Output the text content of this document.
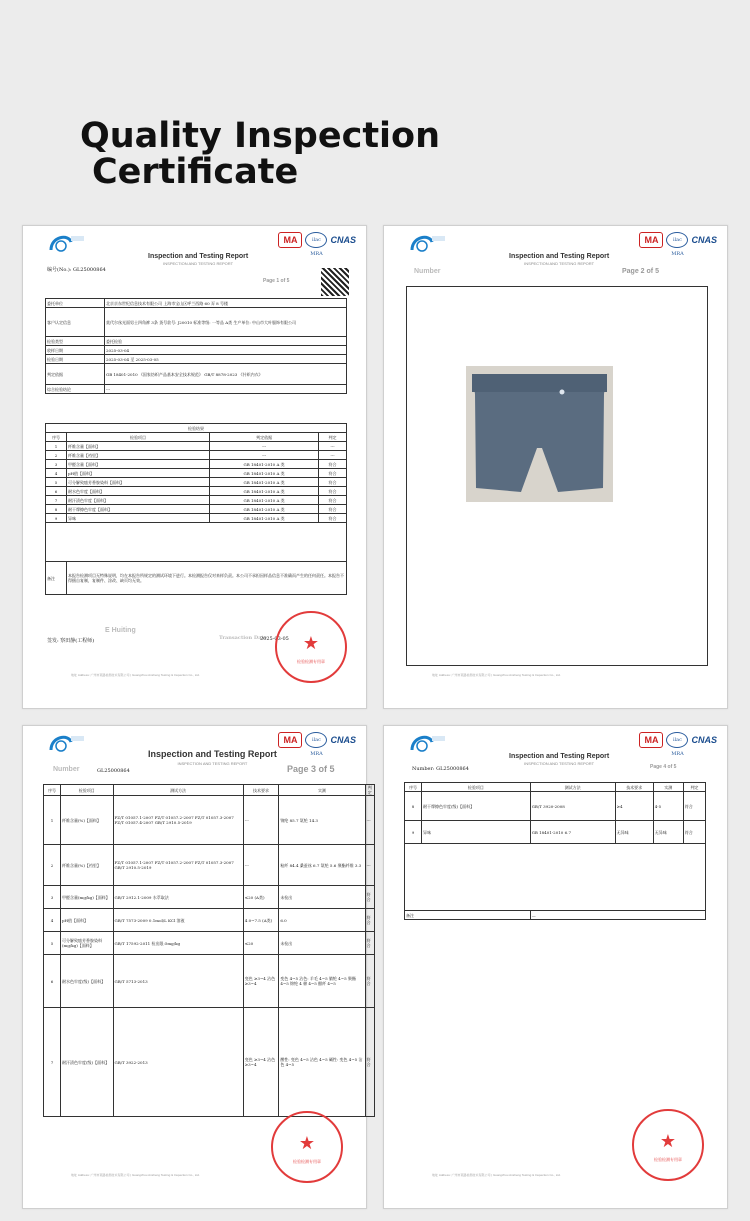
Quality Inspection
Certificate
Inspection and Testing Report
INSPECTION AND TESTING REPORT
MA	ilac MRA
CNAS
编号(No.): GL25000864
Page 1 of 5
委托单位	北京京东世纪信息技术有限公司 上海市宝山区呼兰西路 60 弄 8 号楼
客户认定信息	莫代尔丝光面男士四角裤 3条 货号款号: J20010 标准等级: 一等品 A类 生产单位: 中山市大叶服饰有限公司
检验类型	委托检验
收样日期	2025-03-04
检验日期	2025-03-04 至 2025-03-05
判定依据	GB 18401-2010 《国家纺织产品基本安全技术规范》 GB/T 8878-2023 《针织内衣》
综合检验结论	---
检验结果			
序号	检验项目	判定依据	判定
1	纤维含量【面料】	---	---
2	纤维含量【裆里】	---	---
3	甲醛含量【面料】	GB 18401-2010 A 类	符合
4	pH值【面料】	GB 18401-2010 A 类	符合
5	可分解致癌芳香胺染料【面料】	GB 18401-2010 A 类	符合
6	耐水色牢度【面料】	GB 18401-2010 A 类	符合
7	耐汗渍色牢度【面料】	GB 18401-2010 A 类	符合
8	耐干摩擦色牢度【面料】	GB 18401-2010 A 类	符合
9	异味	GB 18401-2010 A 类	符合

备注	本报告检测项目无特殊说明，均在本报告所规定的测试环境下进行。本检测报告仅对来样负责。本公司不承担因样品信息不准确而产生的任何责任。本报告不得擅自复制，复制件、涂改、缺页均无效。		
E Huiting
签发: 察田静(工程师)	Transaction Date
2025-03-05 ★
检验检测专用章
地址 Address: 广州市某路检测技术有限公司 | Guangzhou Ansheng Testing & Inspection Co., Ltd.
Inspection and Testing Report
INSPECTION AND TESTING REPORT
MA	ilac MRA
CNAS
Number	Page 2 of 5
地址 Address: 广州市某路检测技术有限公司 | Guangzhou Ansheng Testing & Inspection Co., Ltd.
Inspection and Testing Report
INSPECTION AND TESTING REPORT
MA	ilac MRA
CNAS
Number	GL25000864	Page 3 of 5
序号	检验项目	测试方法	技术要求	实测	判定
1	纤维含量(%)【面料】	FZ/T 01057.1-2007 FZ/T 01057.2-2007 FZ/T 01057.3-2007 FZ/T 01057.4-2007 GB/T 2910.5-2019	---	锦纶 85.7 氨纶 14.3	---
2	纤维含量(%)【裆里】	FZ/T 01057.1-2007 FZ/T 01057.2-2007 FZ/T 01057.3-2007 GB/T 2910.5-2019	---	粘纤 84.4 桑蚕丝 6.7 氨纶 5.6 聚酯纤维 3.3	---
3	甲醛含量(mg/kg)【面料】	GB/T 2912.1-2009 水萃取法	≤20 (A类)	未检出	符合
4	pH值【面料】	GB/T 7573-2009 0.1mol/L KCl 溶液	4.0~7.5 (A类)	6.0	符合
5	可分解致癌芳香胺染料(mg/kg)【面料】	GB/T 17592-2011 检出限:5mg/kg	≤20	未检出	符合
6	耐水色牢度(级)【面料】	GB/T 5713-2013	变色 ≥3~4 沾色 ≥3~4	变色 4~5 沾色: 羊毛 4~5 腈纶 4~5 聚酯 4~5 锦纶 4 棉 4~5 醋纤 4~5	符合
7	耐汗渍色牢度(级)【面料】	GB/T 3922-2013	变色 ≥3~4 沾色 ≥3~4	酸性: 变色 4~5 沾色 4~5 碱性: 变色 4~5 沾色 4~5	符合
★
检验检测专用章
地址 Address: 广州市某路检测技术有限公司 | Guangzhou Ansheng Testing & Inspection Co., Ltd.
Inspection and Testing Report
INSPECTION AND TESTING REPORT
MA	ilac MRA
CNAS
Number: GL25000864	Page 4 of 5
序号	检验项目	测试方法	技术要求	实测	判定
8	耐干摩擦色牢度(级)【面料】	GB/T 3920-2008	≥4	4-5	符合
9	异味	GB 18401-2010 6.7	无异味	无异味	符合

备注		—			
★
检验检测专用章
地址 Address: 广州市某路检测技术有限公司 | Guangzhou Ansheng Testing & Inspection Co., Ltd.
